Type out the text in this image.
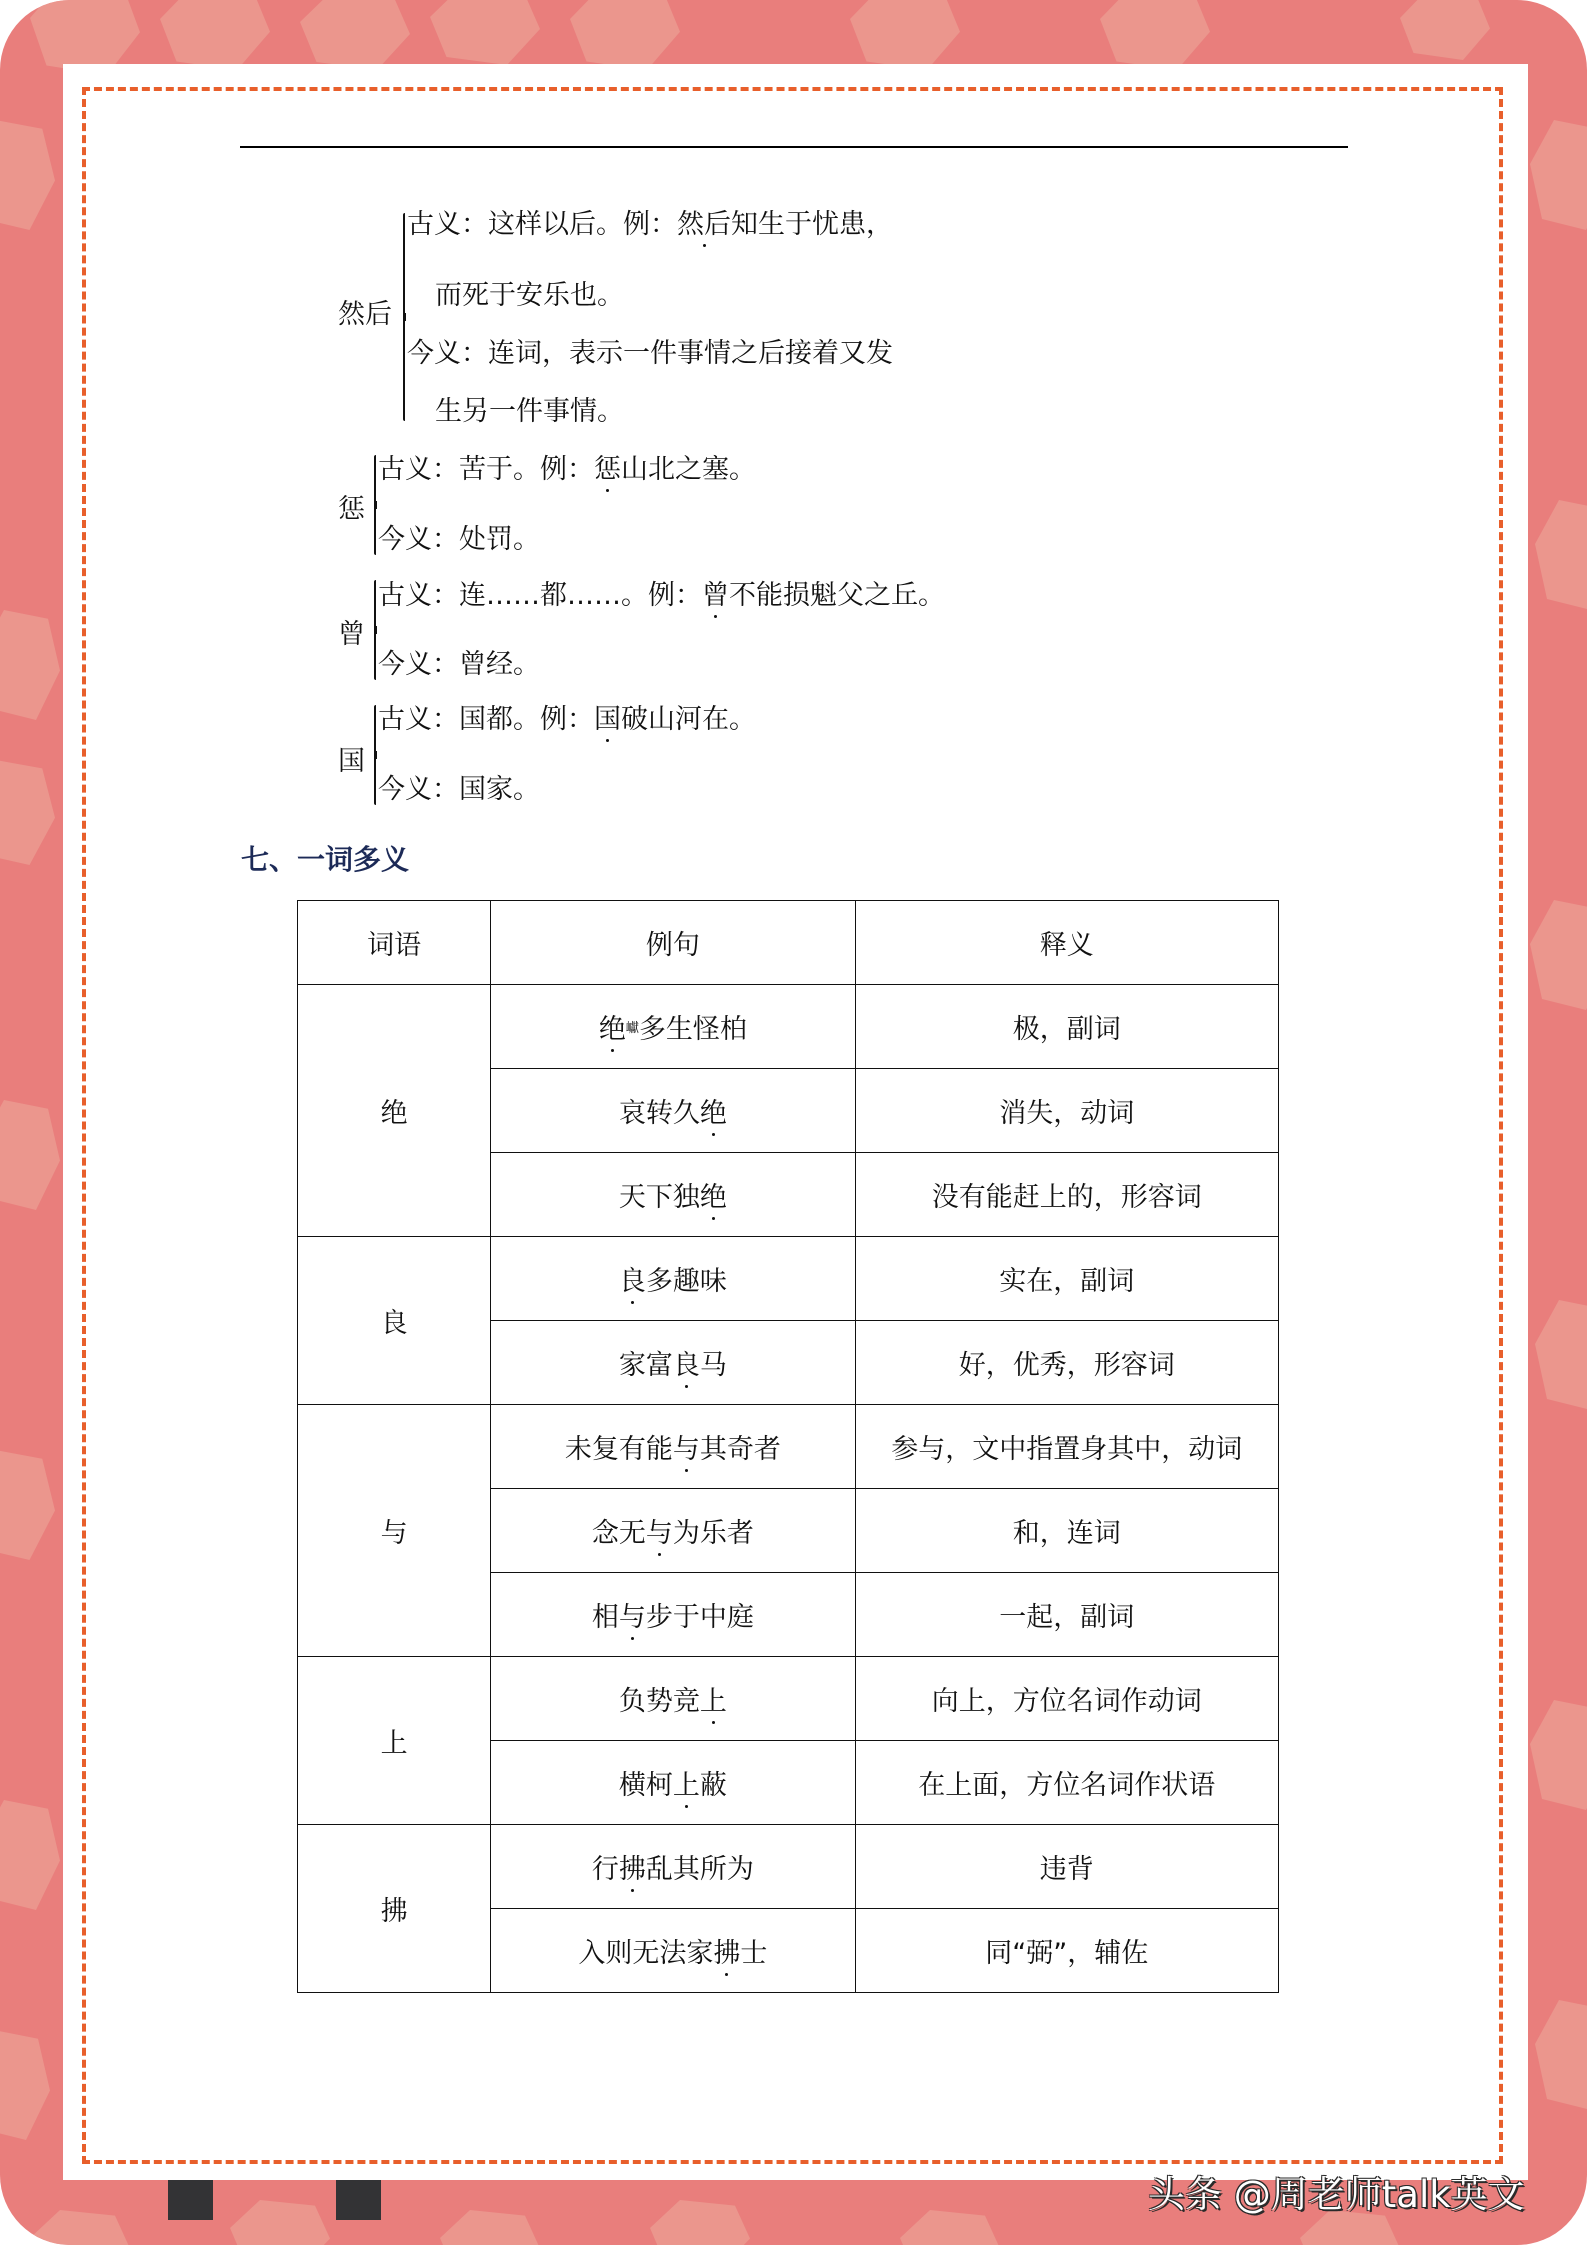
然后
古义：这样以后。例：然后知生于忧患，
而死于安乐也。
今义：连词，表示一件事情之后接着又发
生另一件事情。
惩
古义：苦于。例：惩山北之塞。
今义：处罚。
曾
古义：连……都……。例：曾不能损魁父之丘。
今义：曾经。
国
古义：国都。例：国破山河在。
今义：国家。
七、一词多义
词语	例句	释义
绝	绝$^巘$多生怪柏	极，副词
	哀转久绝	消失，动词
	天下独绝	没有能赶上的，形容词
良	良多趣味	实在，副词
	家富良马	好，优秀，形容词
与	未复有能与其奇者	参与，文中指置身其中，动词
	念无与为乐者	和，连词
	相与步于中庭	一起，副词
上	负势竞上	向上，方位名词作动词
	横柯上蔽	在上面，方位名词作状语
拂	行拂乱其所为	违背
	入则无法家拂士	同“弼”，辅佐
头条 @周老师talk英文
